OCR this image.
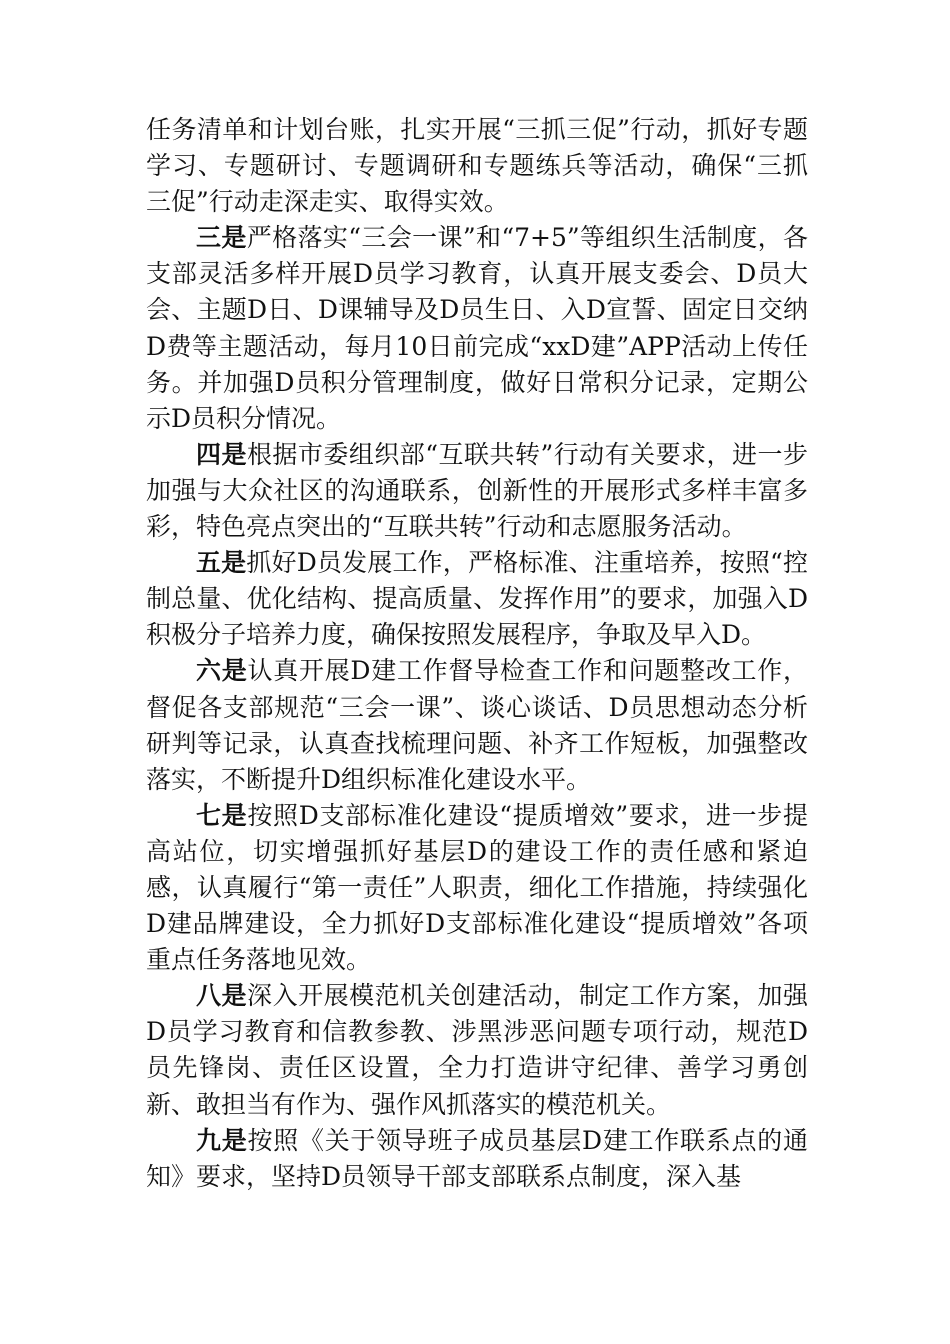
任务清单和计划台账，扎实开展“三抓三促”行动，抓好专题学习、专题研讨、专题调研和专题练兵等活动，确保“三抓三促”行动走深走实、取得实效。

三是严格落实“三会一课”和“7+5”等组织生活制度，各支部灵活多样开展D员学习教育，认真开展支委会、D员大会、主题D日、D课辅导及D员生日、入D宣誓、固定日交纳D费等主题活动，每月10日前完成“xxD建”APP活动上传任务。并加强D员积分管理制度，做好日常积分记录，定期公示D员积分情况。

四是根据市委组织部“互联共转”行动有关要求，进一步加强与大众社区的沟通联系，创新性的开展形式多样丰富多彩，特色亮点突出的“互联共转”行动和志愿服务活动。

五是抓好D员发展工作，严格标准、注重培养，按照“控制总量、优化结构、提高质量、发挥作用”的要求，加强入D积极分子培养力度，确保按照发展程序，争取及早入D。

六是认真开展D建工作督导检查工作和问题整改工作，督促各支部规范“三会一课”、谈心谈话、D员思想动态分析研判等记录，认真查找梳理问题、补齐工作短板，加强整改落实，不断提升D组织标准化建设水平。

七是按照D支部标准化建设“提质增效”要求，进一步提高站位，切实增强抓好基层D的建设工作的责任感和紧迫感，认真履行“第一责任”人职责，细化工作措施，持续强化D建品牌建设，全力抓好D支部标准化建设“提质增效”各项重点任务落地见效。

八是深入开展模范机关创建活动，制定工作方案，加强D员学习教育和信教参教、涉黑涉恶问题专项行动，规范D员先锋岗、责任区设置，全力打造讲守纪律、善学习勇创新、敢担当有作为、强作风抓落实的模范机关。

九是按照《关于领导班子成员基层D建工作联系点的通知》要求，坚持D员领导干部支部联系点制度，深入基
